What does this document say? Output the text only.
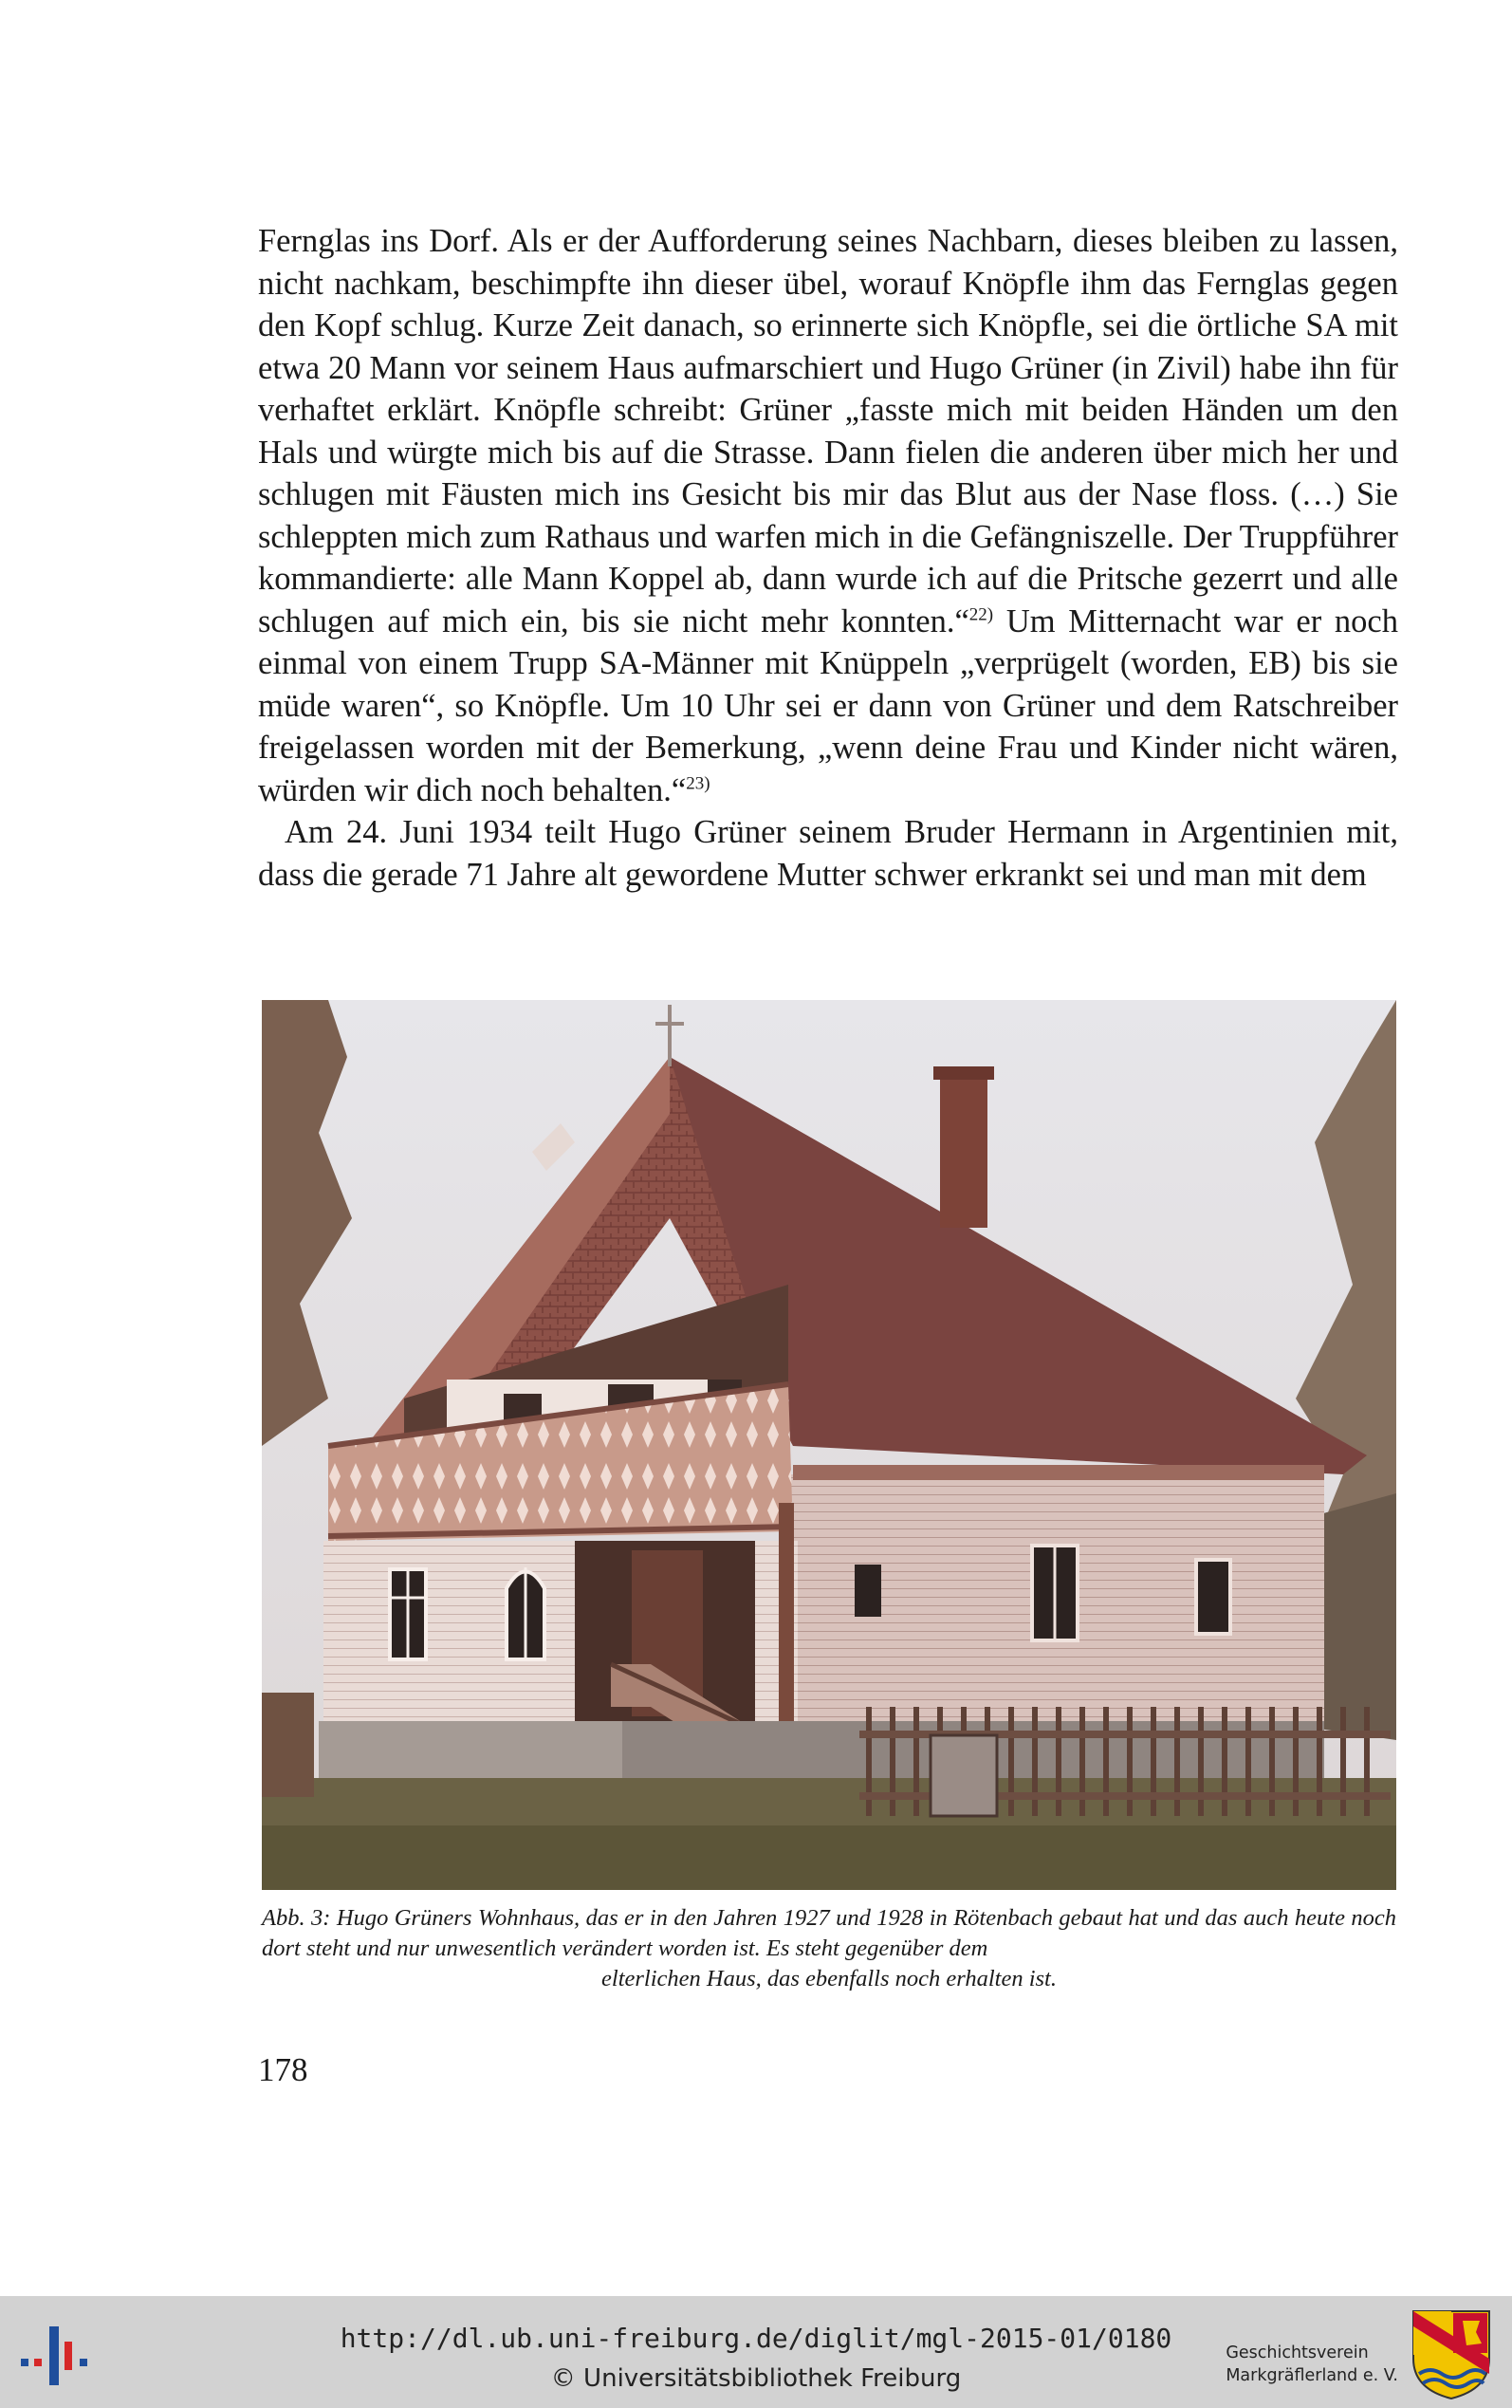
Fernglas ins Dorf. Als er der Aufforderung seines Nachbarn, dieses bleiben zu lassen, nicht nachkam, beschimpfte ihn dieser übel, worauf Knöpfle ihm das Fernglas gegen den Kopf schlug. Kurze Zeit danach, so erinnerte sich Knöpfle, sei die örtliche SA mit etwa 20 Mann vor seinem Haus aufmarschiert und Hugo Grüner (in Zivil) habe ihn für verhaftet erklärt. Knöpfle schreibt: Grüner „fasste mich mit beiden Händen um den Hals und würgte mich bis auf die Strasse. Dann fielen die anderen über mich her und schlugen mit Fäusten mich ins Gesicht bis mir das Blut aus der Nase floss. (…) Sie schleppten mich zum Rathaus und warfen mich in die Gefängniszelle. Der Truppführer kommandierte: alle Mann Koppel ab, dann wurde ich auf die Pritsche gezerrt und alle schlugen auf mich ein, bis sie nicht mehr konnten.“$^{22)}$ Um Mitternacht war er noch einmal von einem Trupp SA-Männer mit Knüppeln „verprügelt (worden, EB) bis sie müde waren“, so Knöpfle. Um 10 Uhr sei er dann von Grüner und dem Ratschreiber freigelassen worden mit der Bemerkung, „wenn deine Frau und Kinder nicht wären, würden wir dich noch behalten.“$^{23)}$

Am 24. Juni 1934 teilt Hugo Grüner seinem Bruder Hermann in Argentinien mit, dass die gerade 71 Jahre alt gewordene Mutter schwer erkrankt sei und man mit dem

Abb. 3: Hugo Grüners Wohnhaus, das er in den Jahren 1927 und 1928 in Rötenbach gebaut hat und das auch heute noch dort steht und nur unwesentlich verändert worden ist. Es steht gegenüber dem
elterlichen Haus, das ebenfalls noch erhalten ist.
178
http://dl.ub.uni-freiburg.de/diglit/mgl-2015-01/0180
© Universitätsbibliothek Freiburg
Geschichtsverein
Markgräflerland e. V.
